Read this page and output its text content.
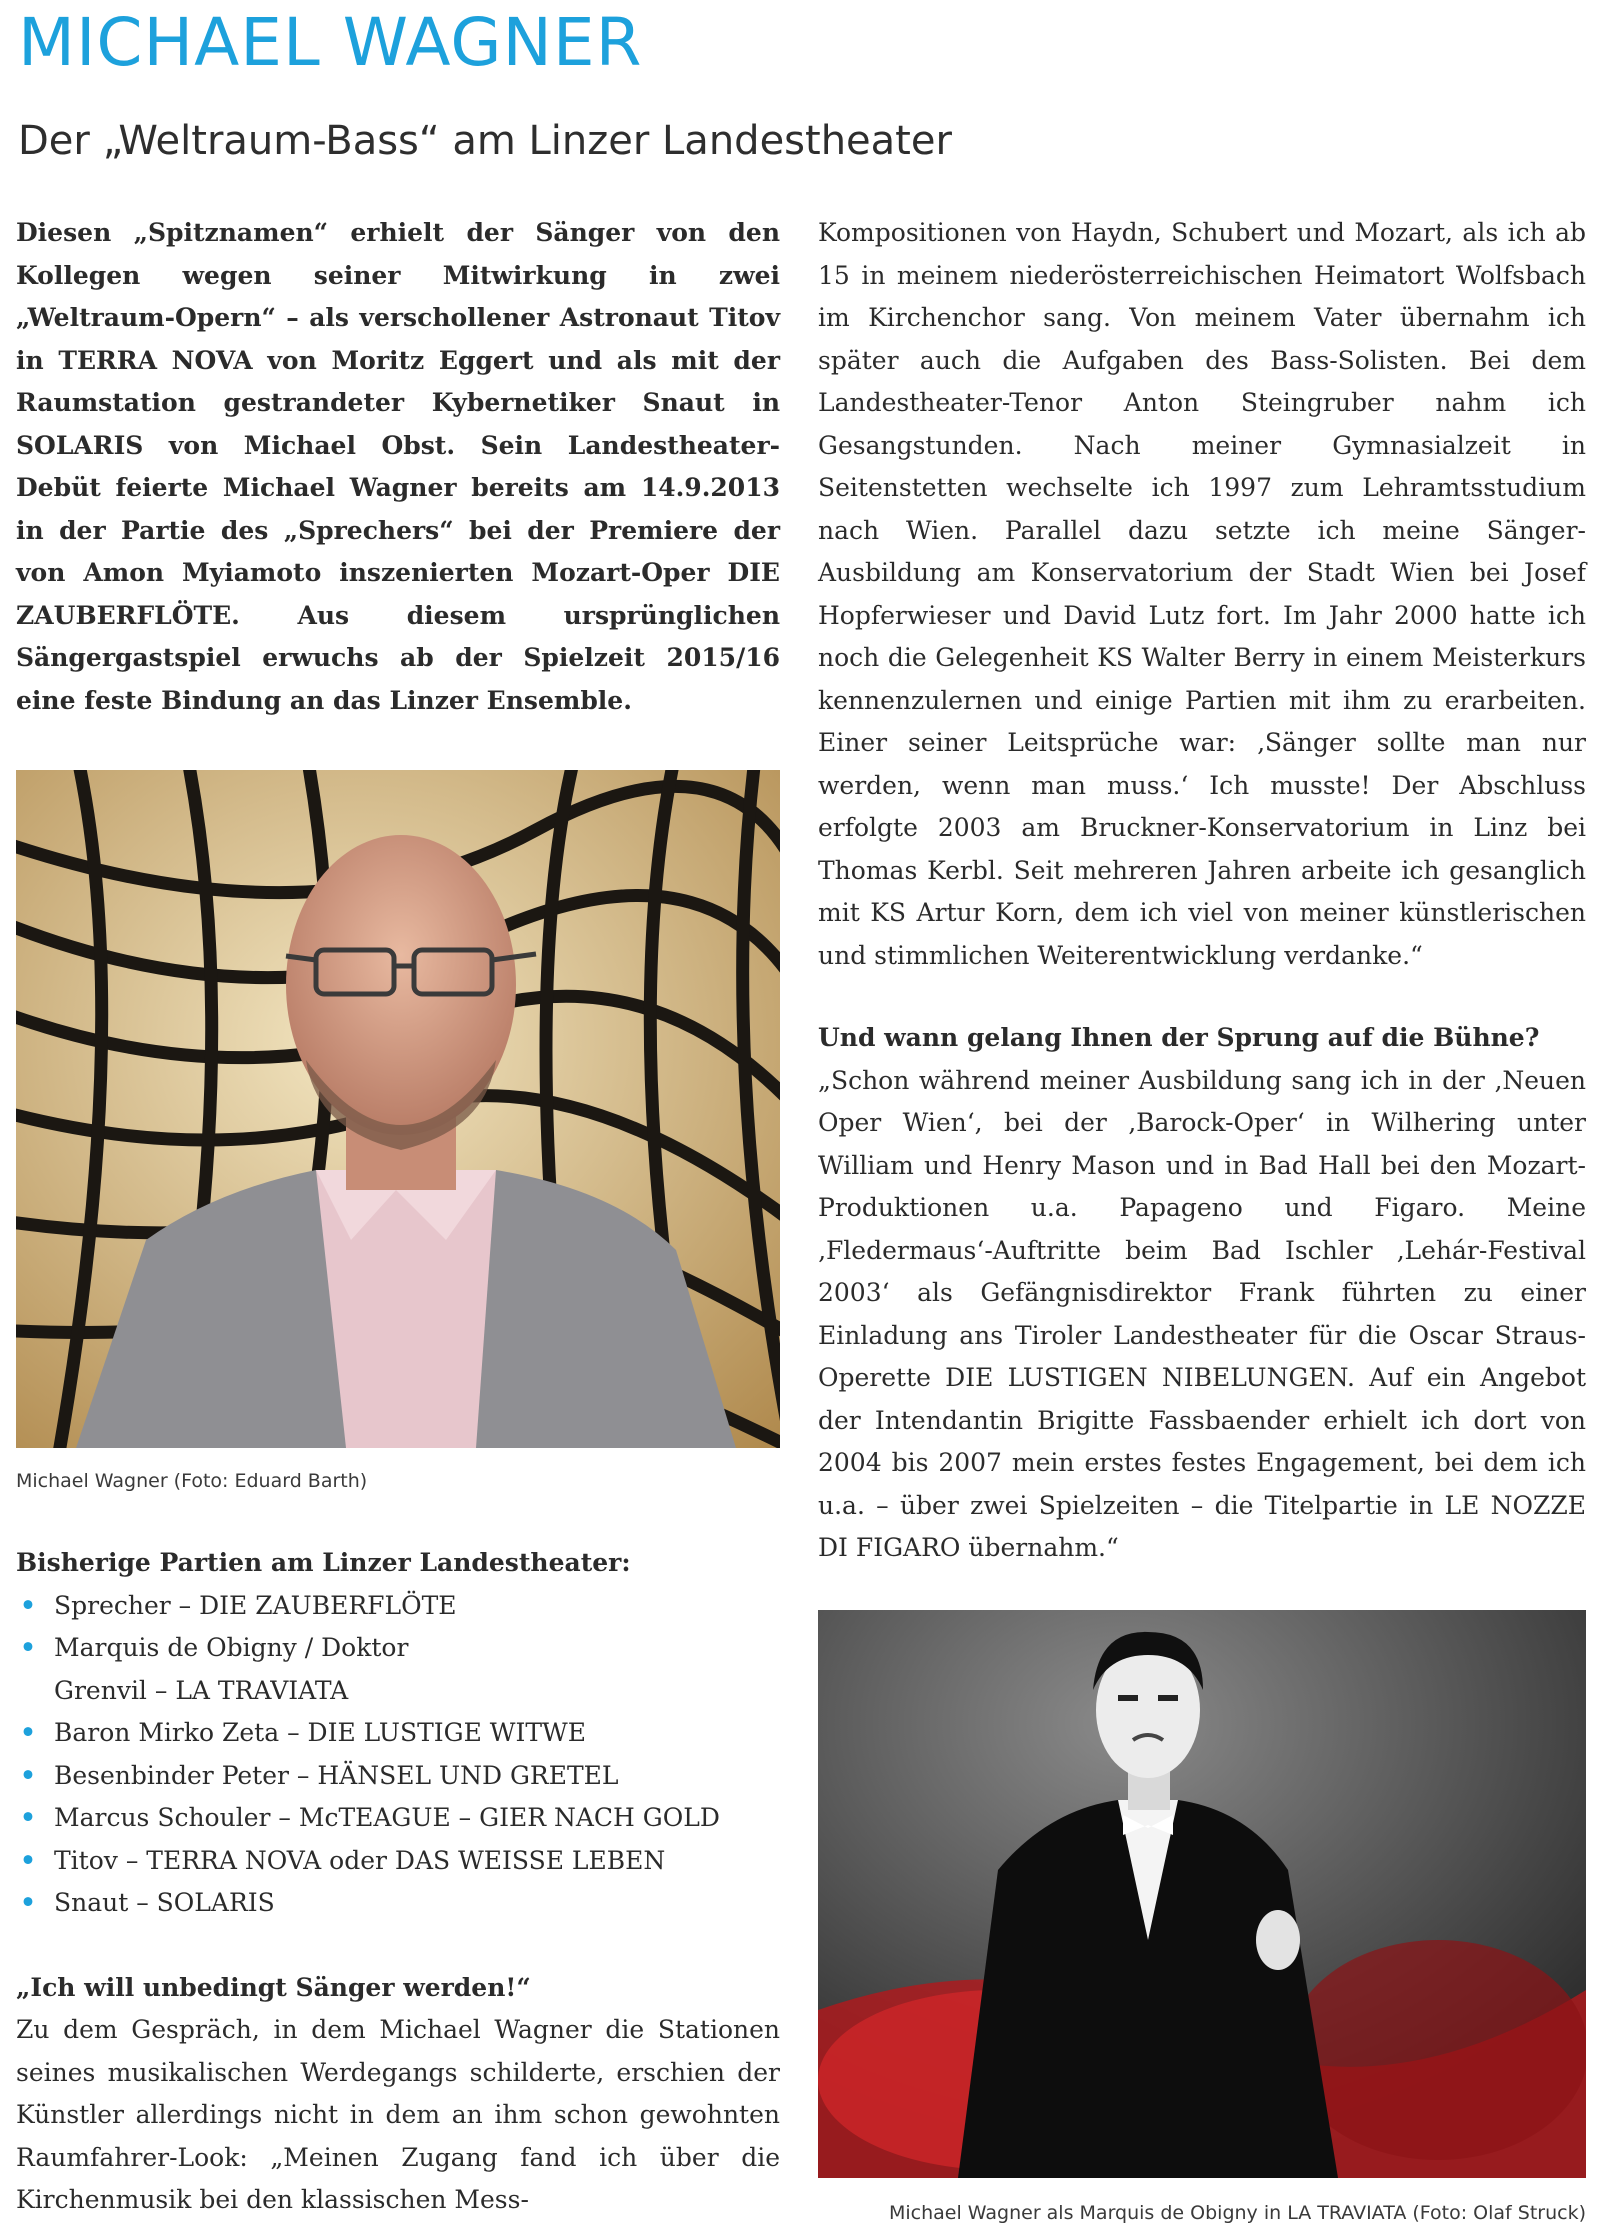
MICHAEL WAGNER
Der „Weltraum-Bass“ am Linzer Landestheater

Diesen „Spitznamen“ erhielt der Sänger von den Kollegen wegen seiner Mitwirkung in zwei „Weltraum-Opern“ – als verschollener Astronaut Titov in TERRA NOVA von Moritz Eggert und als mit der Raumstation gestrandeter Kybernetiker Snaut in SOLARIS von Michael Obst. Sein Landestheater-Debüt feierte Michael Wagner bereits am 14.9.2013 in der Partie des „Sprechers“ bei der Premiere der von Amon Myiamoto inszenierten Mozart-Oper DIE ZAUBERFLÖTE. Aus diesem ursprünglichen Sängergastspiel erwuchs ab der Spielzeit 2015/16 eine feste Bindung an das Linzer Ensemble.

Michael Wagner (Foto: Eduard Barth)

Bisherige Partien am Linzer Landestheater:

• Sprecher – DIE ZAUBERFLÖTE
• Marquis de Obigny / Doktor Grenvil – LA TRAVIATA
• Baron Mirko Zeta – DIE LUSTIGE WITWE
• Besenbinder Peter – HÄNSEL UND GRETEL
• Marcus Schouler – McTEAGUE – GIER NACH GOLD
• Titov – TERRA NOVA oder DAS WEISSE LEBEN
• Snaut – SOLARIS

„Ich will unbedingt Sänger werden!“

Zu dem Gespräch, in dem Michael Wagner die Stationen seines musikalischen Werdegangs schilderte, erschien der Künstler allerdings nicht in dem an ihm schon gewohnten Raumfahrer-Look: „Meinen Zugang fand ich über die Kirchenmusik bei den klassischen Mess-

Kompositionen von Haydn, Schubert und Mozart, als ich ab 15 in meinem niederösterreichischen Heimatort Wolfsbach im Kirchenchor sang. Von meinem Vater übernahm ich später auch die Aufgaben des Bass-Solisten. Bei dem Landestheater-Tenor Anton Steingruber nahm ich Gesangstunden. Nach meiner Gymnasialzeit in Seitenstetten wechselte ich 1997 zum Lehramtsstudium nach Wien. Parallel dazu setzte ich meine Sänger-Ausbildung am Konservatorium der Stadt Wien bei Josef Hopferwieser und David Lutz fort. Im Jahr 2000 hatte ich noch die Gelegenheit KS Walter Berry in einem Meisterkurs kennenzulernen und einige Partien mit ihm zu erarbeiten. Einer seiner Leitsprüche war: ‚Sänger sollte man nur werden, wenn man muss.‘ Ich musste! Der Abschluss erfolgte 2003 am Bruckner-Konservatorium in Linz bei Thomas Kerbl. Seit mehreren Jahren arbeite ich gesanglich mit KS Artur Korn, dem ich viel von meiner künstlerischen und stimmlichen Weiterentwicklung verdanke.“

Und wann gelang Ihnen der Sprung auf die Bühne?

„Schon während meiner Ausbildung sang ich in der ‚Neuen Oper Wien‘, bei der ‚Barock-Oper‘ in Wilhering unter William und Henry Mason und in Bad Hall bei den Mozart-Produktionen u.a. Papageno und Figaro. Meine ‚Fledermaus‘-Auftritte beim Bad Ischler ‚Lehár-Festival 2003‘ als Gefängnisdirektor Frank führten zu einer Einladung ans Tiroler Landestheater für die Oscar Straus-Operette DIE LUSTIGEN NIBELUNGEN. Auf ein Angebot der Intendantin Brigitte Fassbaender erhielt ich dort von 2004 bis 2007 mein erstes festes Engagement, bei dem ich u.a. – über zwei Spielzeiten – die Titelpartie in LE NOZZE DI FIGARO übernahm.“

Michael Wagner als Marquis de Obigny in LA TRAVIATA (Foto: Olaf Struck)
